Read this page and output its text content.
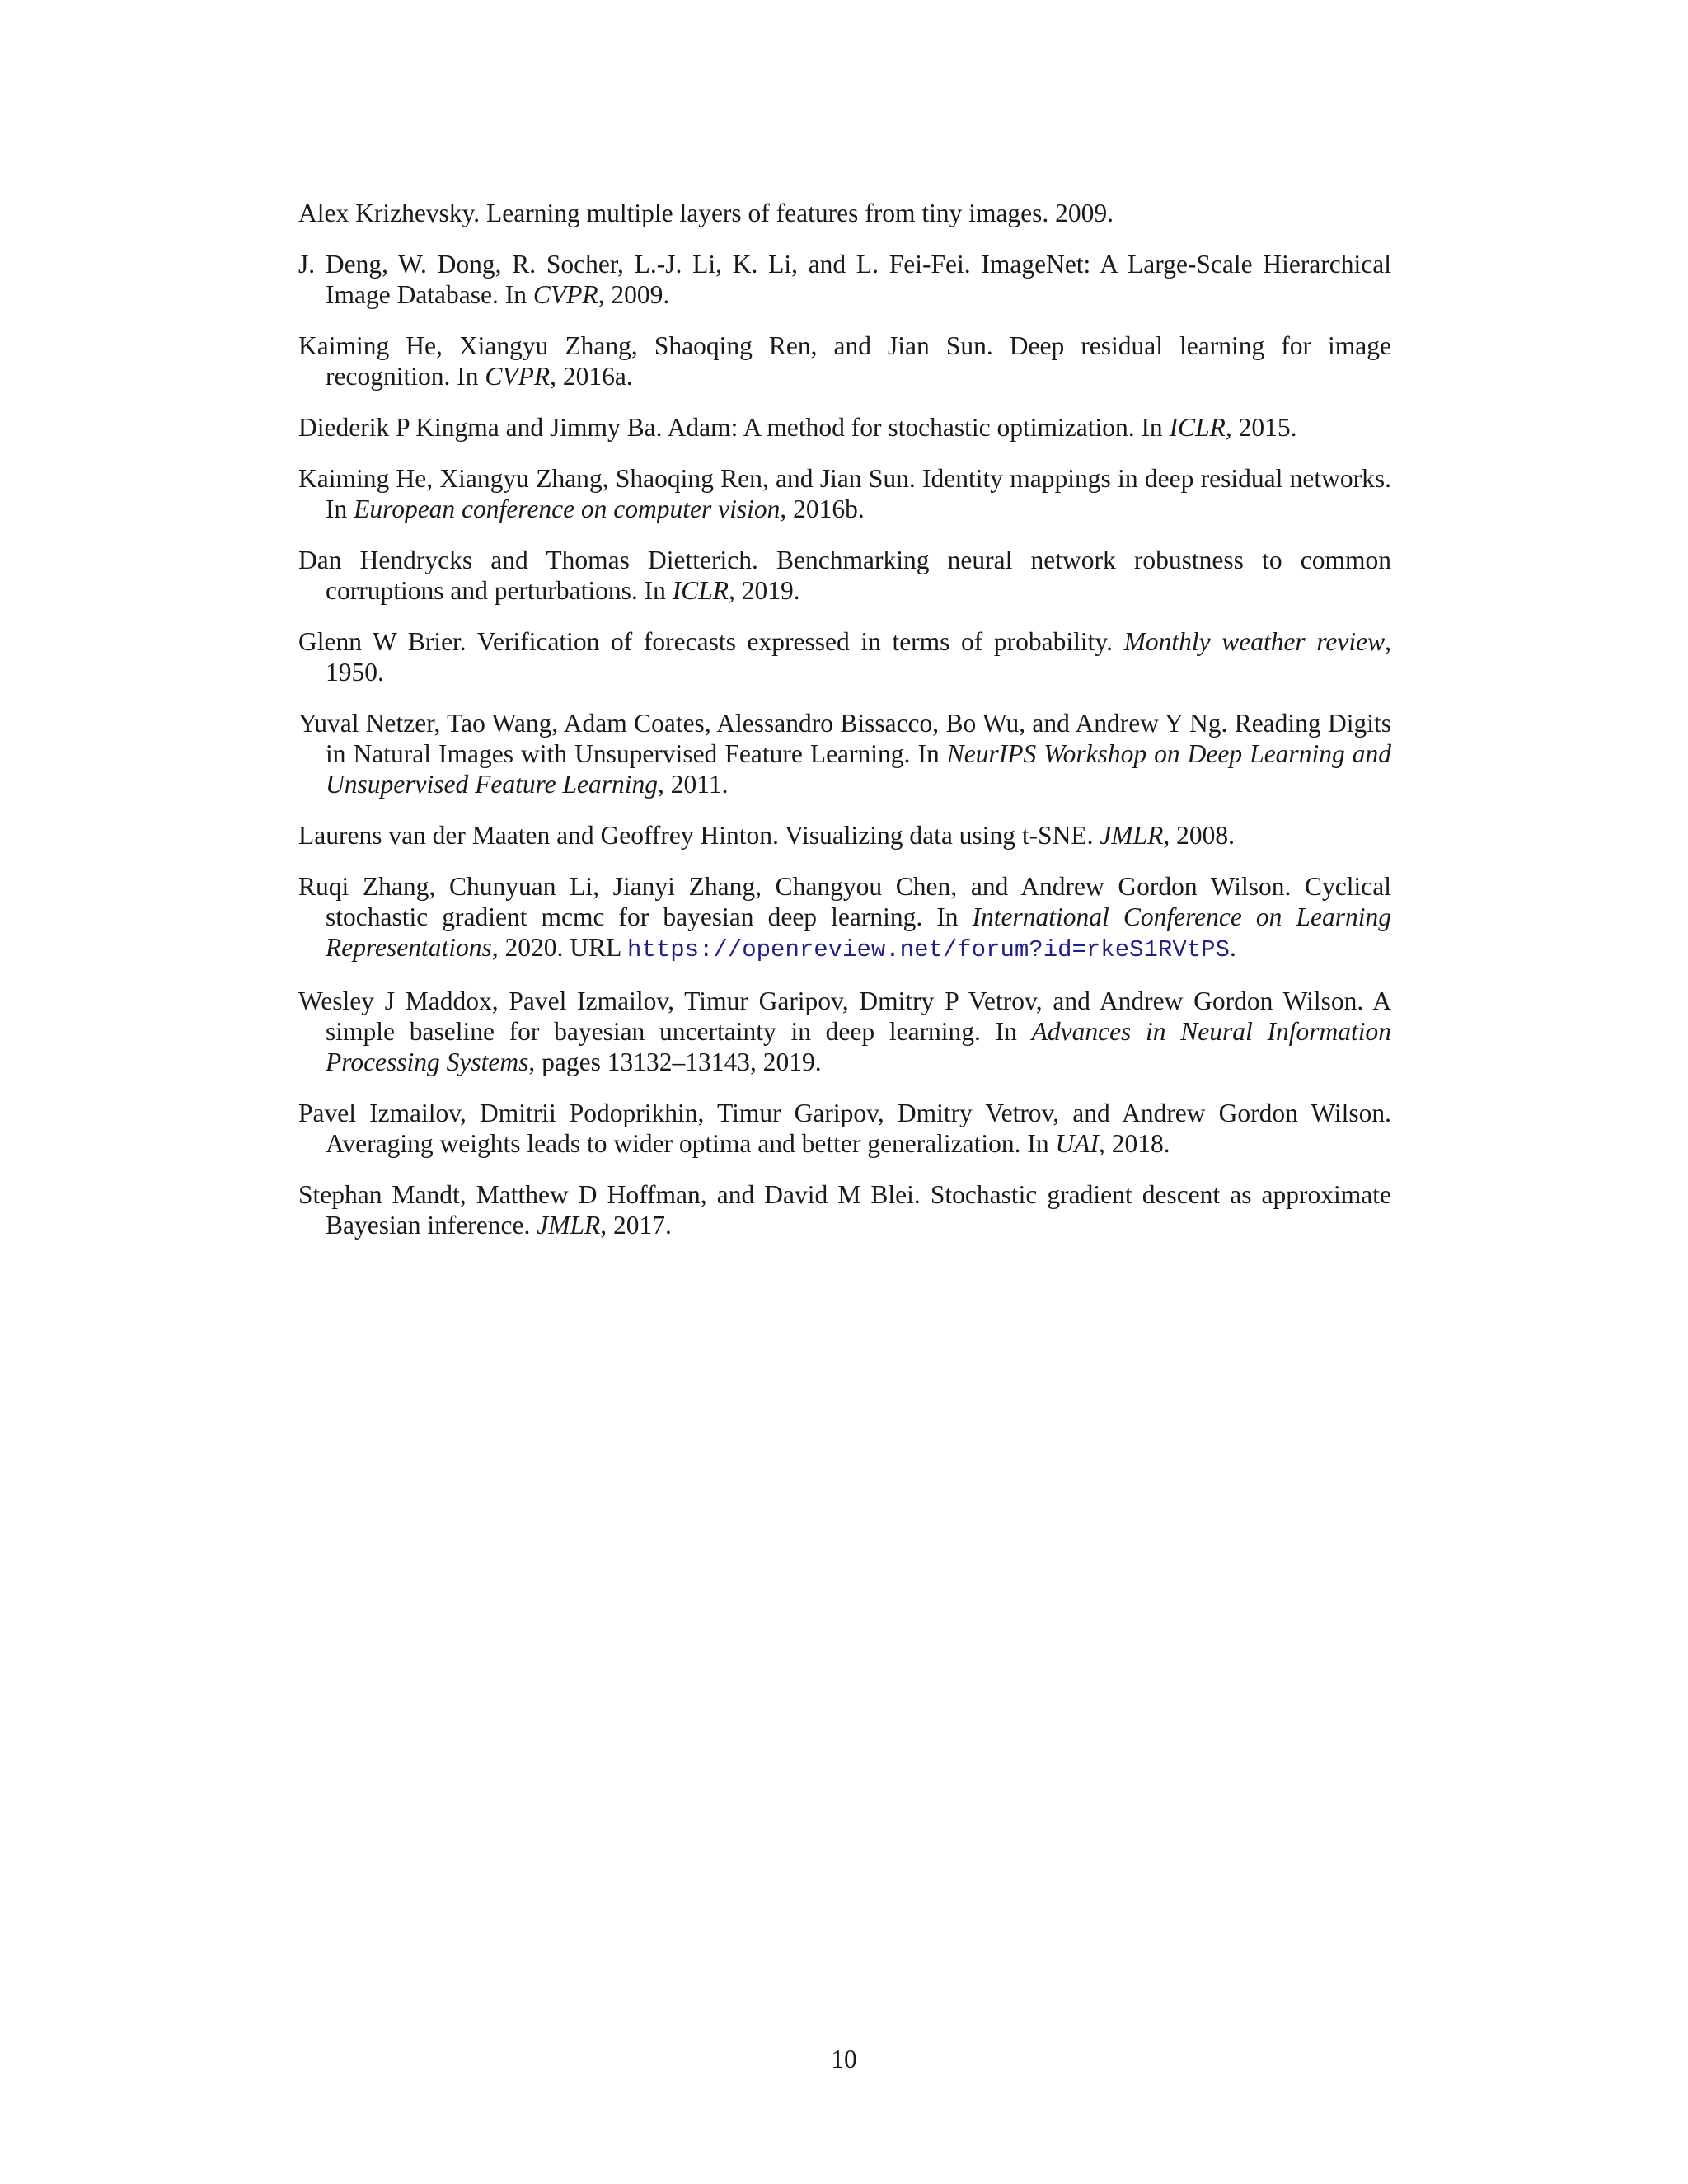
Alex Krizhevsky. Learning multiple layers of features from tiny images. 2009.

J. Deng, W. Dong, R. Socher, L.-J. Li, K. Li, and L. Fei-Fei. ImageNet: A Large-Scale Hierarchical Image Database. In CVPR, 2009.

Kaiming He, Xiangyu Zhang, Shaoqing Ren, and Jian Sun. Deep residual learning for image recognition. In CVPR, 2016a.

Diederik P Kingma and Jimmy Ba. Adam: A method for stochastic optimization. In ICLR, 2015.

Kaiming He, Xiangyu Zhang, Shaoqing Ren, and Jian Sun. Identity mappings in deep residual networks. In European conference on computer vision, 2016b.

Dan Hendrycks and Thomas Dietterich. Benchmarking neural network robustness to common corruptions and perturbations. In ICLR, 2019.

Glenn W Brier. Verification of forecasts expressed in terms of probability. Monthly weather review, 1950.

Yuval Netzer, Tao Wang, Adam Coates, Alessandro Bissacco, Bo Wu, and Andrew Y Ng. Reading Digits in Natural Images with Unsupervised Feature Learning. In NeurIPS Workshop on Deep Learning and Unsupervised Feature Learning, 2011.

Laurens van der Maaten and Geoffrey Hinton. Visualizing data using t-SNE. JMLR, 2008.

Ruqi Zhang, Chunyuan Li, Jianyi Zhang, Changyou Chen, and Andrew Gordon Wilson. Cyclical stochastic gradient mcmc for bayesian deep learning. In International Conference on Learning Representations, 2020. URL https://openreview.net/forum?id=rkeS1RVtPS.

Wesley J Maddox, Pavel Izmailov, Timur Garipov, Dmitry P Vetrov, and Andrew Gordon Wilson. A simple baseline for bayesian uncertainty in deep learning. In Advances in Neural Information Processing Systems, pages 13132–13143, 2019.

Pavel Izmailov, Dmitrii Podoprikhin, Timur Garipov, Dmitry Vetrov, and Andrew Gordon Wilson. Averaging weights leads to wider optima and better generalization. In UAI, 2018.

Stephan Mandt, Matthew D Hoffman, and David M Blei. Stochastic gradient descent as approximate Bayesian inference. JMLR, 2017.

10
